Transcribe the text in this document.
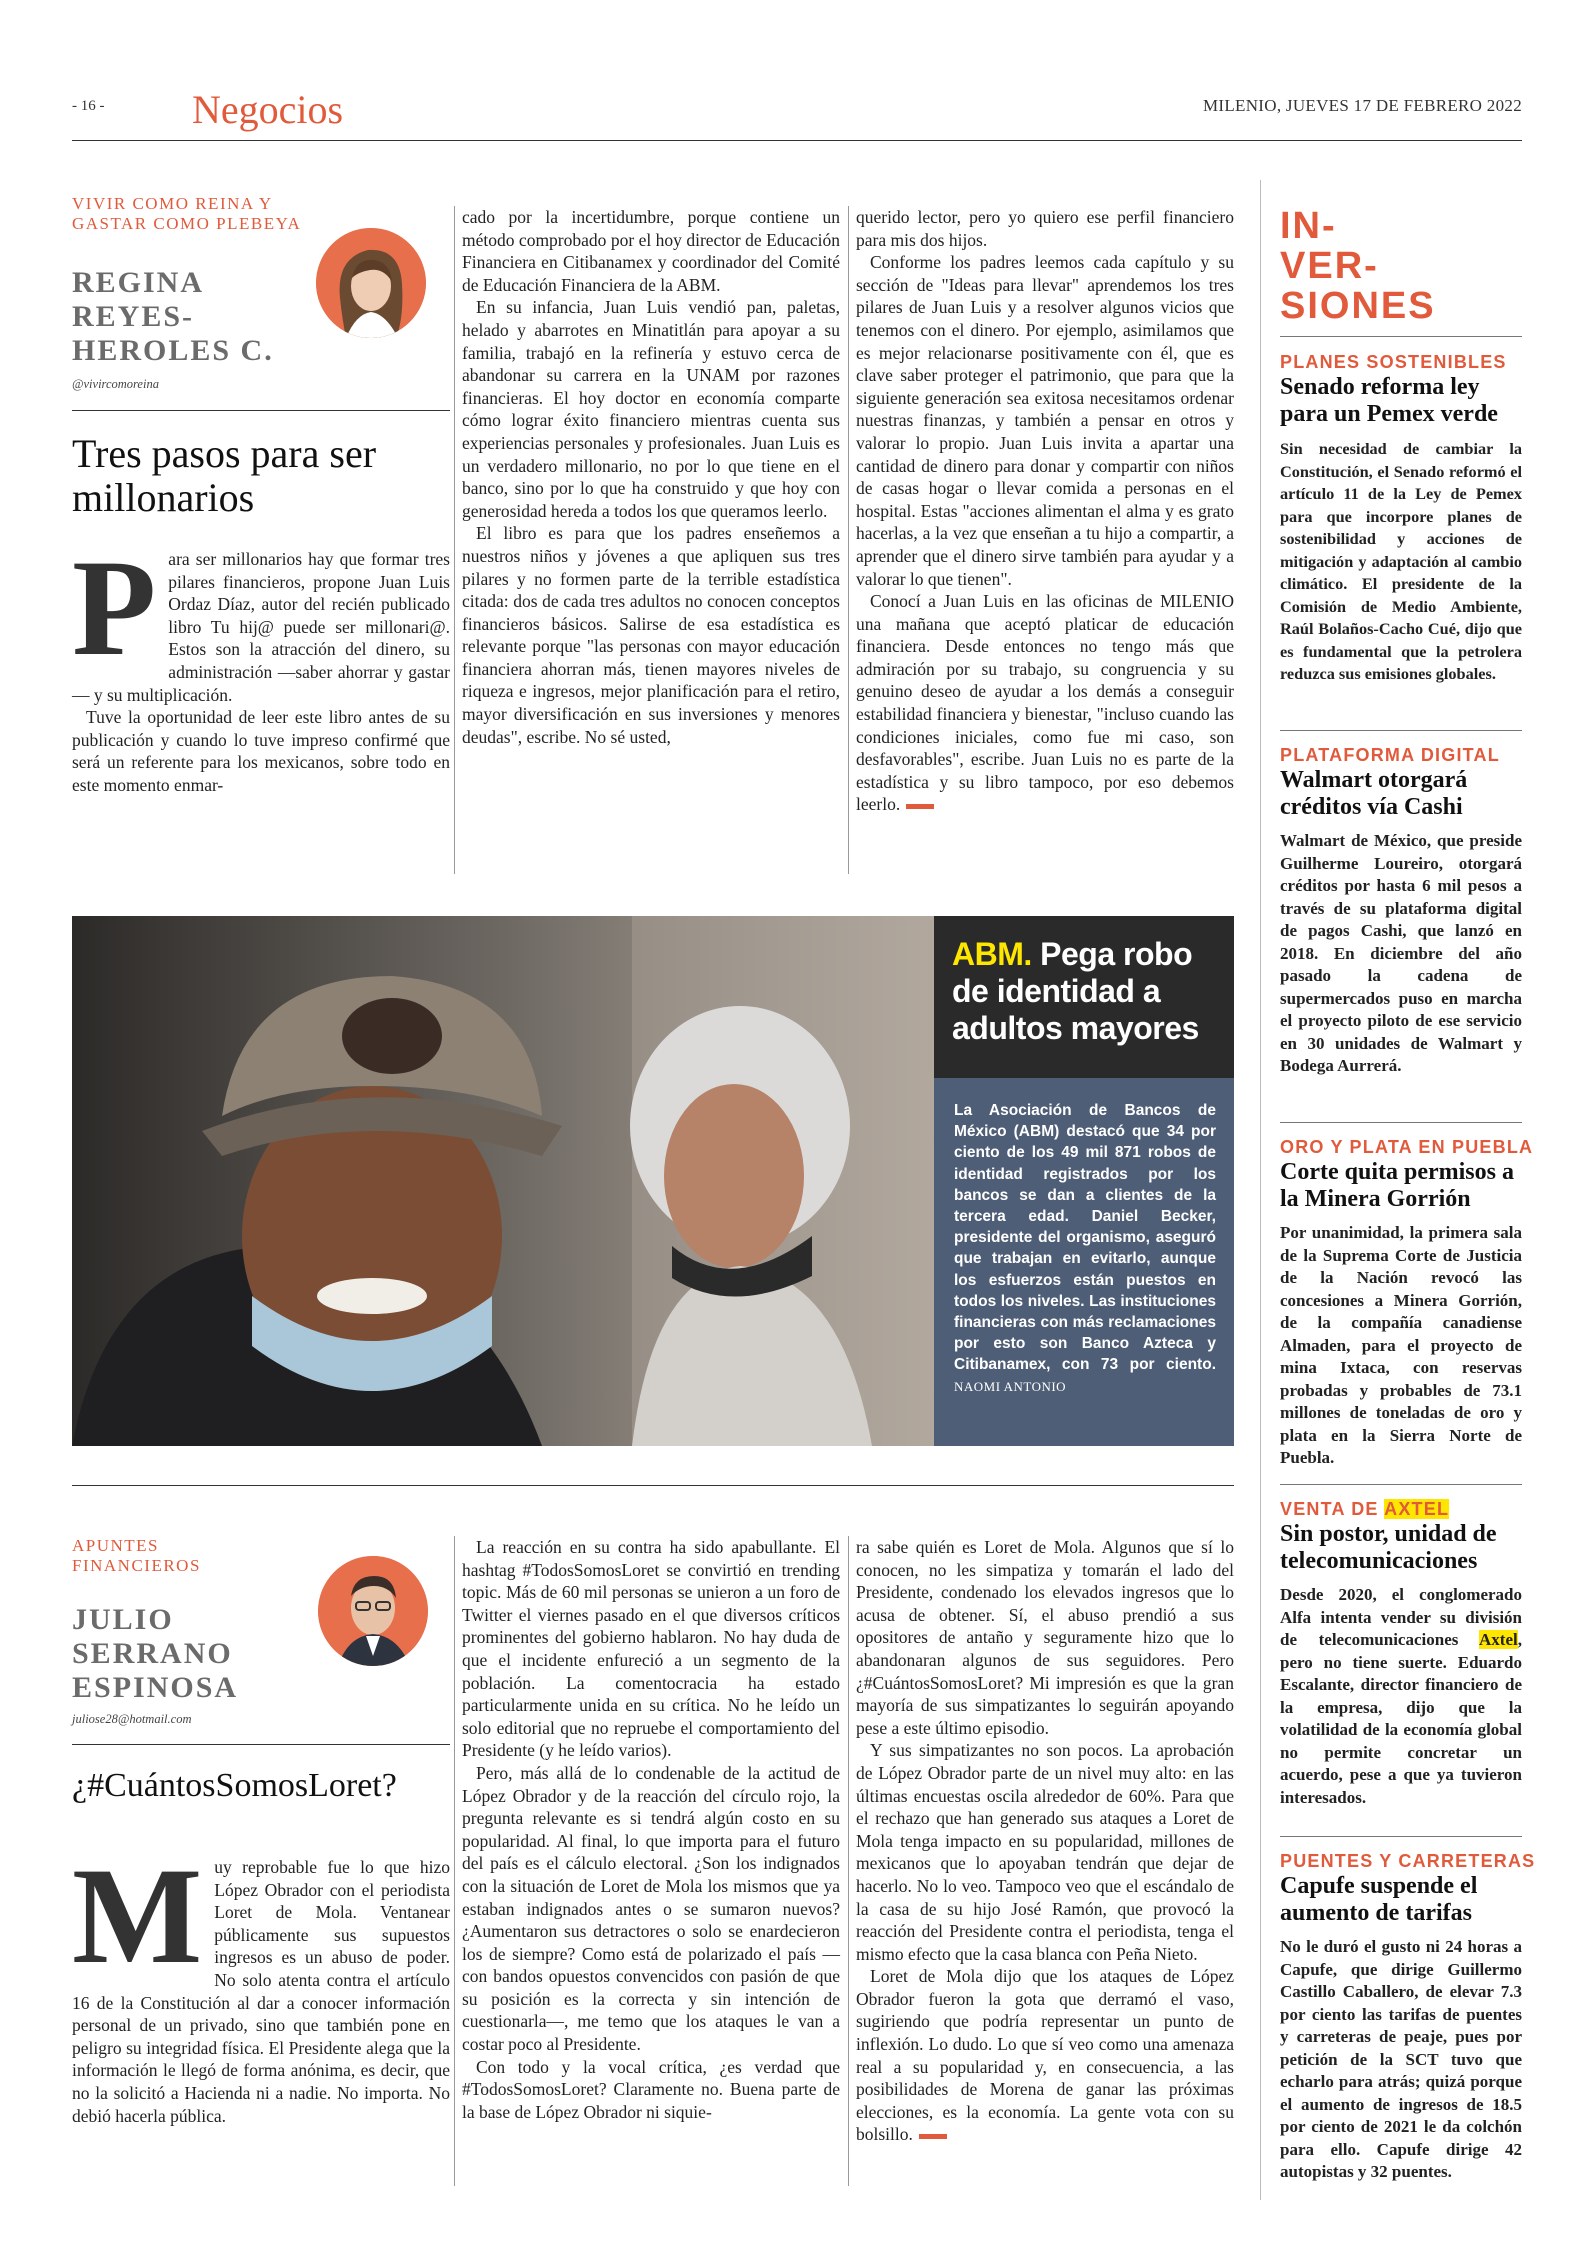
- 16 - Negocios	MILENIO, JUEVES 17 DE FEBRERO 2022
VIVIR COMO REINA Y GASTAR COMO PLEBEYA
REGINA
REYES-
HEROLES C.
@vivircomoreina
Tres pasos para ser millonarios
P ara ser millonarios hay que formar tres pilares financieros, propone Juan Luis Ordaz Díaz, autor del recién publicado libro Tu hij@ puede ser millonari@. Estos son la atracción del dinero, su administración —saber ahorrar y gastar— y su multiplicación.

Tuve la oportunidad de leer este libro antes de su publicación y cuando lo tuve impreso confirmé que será un referente para los mexicanos, sobre todo en este momento enmar-

cado por la incertidumbre, porque contiene un método comprobado por el hoy director de Educación Financiera en Citibanamex y coordinador del Comité de Educación Financiera de la ABM.

En su infancia, Juan Luis vendió pan, paletas, helado y abarrotes en Minatitlán para apoyar a su familia, trabajó en la refinería y estuvo cerca de abandonar su carrera en la UNAM por razones financieras. El hoy doctor en economía comparte cómo lograr éxito financiero mientras cuenta sus experiencias personales y profesionales. Juan Luis es un verdadero millonario, no por lo que tiene en el banco, sino por lo que ha construido y que hoy con generosidad hereda a todos los que queramos leerlo.

El libro es para que los padres enseñemos a nuestros niños y jóvenes a que apliquen sus tres pilares y no formen parte de la terrible estadística citada: dos de cada tres adultos no conocen conceptos financieros básicos. Salirse de esa estadística es relevante porque "las personas con mayor educación financiera ahorran más, tienen mayores niveles de riqueza e ingresos, mejor planificación para el retiro, mayor diversificación en sus inversiones y menores deudas", escribe. No sé usted,

querido lector, pero yo quiero ese perfil financiero para mis dos hijos.

Conforme los padres leemos cada capítulo y su sección de "Ideas para llevar" aprendemos los tres pilares de Juan Luis y a resolver algunos vicios que tenemos con el dinero. Por ejemplo, asimilamos que es mejor relacionarse positivamente con él, que es clave saber proteger el patrimonio, que para que la siguiente generación sea exitosa necesitamos ordenar nuestras finanzas, y también a pensar en otros y valorar lo propio. Juan Luis invita a apartar una cantidad de dinero para donar y compartir con niños de casas hogar o llevar comida a personas en el hospital. Estas "acciones alimentan el alma y es grato hacerlas, a la vez que enseñan a tu hijo a compartir, a aprender que el dinero sirve también para ayudar y a valorar lo que tienen".

Conocí a Juan Luis en las oficinas de MILENIO una mañana que aceptó platicar de educación financiera. Desde entonces no tengo más que admiración por su trabajo, su congruencia y su genuino deseo de ayudar a los demás a conseguir estabilidad financiera y bienestar, "incluso cuando las condiciones iniciales, como fue mi caso, son desfavorables", escribe. Juan Luis no es parte de la estadística y su libro tampoco, por eso debemos leerlo.

ABM. Pega robo de identidad a adultos mayores
La Asociación de Bancos de México (ABM) destacó que 34 por ciento de los 49 mil 871 robos de identidad registrados por los bancos se dan a clientes de la tercera edad. Daniel Becker, presidente del organismo, aseguró que trabajan en evitarlo, aunque los esfuerzos están puestos en todos los niveles. Las instituciones financieras con más reclamaciones por esto son Banco Azteca y Citibanamex, con 73 por ciento. NAOMI ANTONIO
APUNTES FINANCIEROS
JULIO
SERRANO
ESPINOSA
juliose28@hotmail.com
¿#CuántosSomosLoret?
M uy reprobable fue lo que hizo López Obrador con el periodista Loret de Mola. Ventanear públicamente sus supuestos ingresos es un abuso de poder. No solo atenta contra el artículo 16 de la Constitución al dar a conocer información personal de un privado, sino que también pone en peligro su integridad física. El Presidente alega que la información le llegó de forma anónima, es decir, que no la solicitó a Hacienda ni a nadie. No importa. No debió hacerla pública.

La reacción en su contra ha sido apabullante. El hashtag #TodosSomosLoret se convirtió en trending topic. Más de 60 mil personas se unieron a un foro de Twitter el viernes pasado en el que diversos críticos prominentes del gobierno hablaron. No hay duda de que el incidente enfureció a un segmento de la población. La comentocracia ha estado particularmente unida en su crítica. No he leído un solo editorial que no repruebe el comportamiento del Presidente (y he leído varios).

Pero, más allá de lo condenable de la actitud de López Obrador y de la reacción del círculo rojo, la pregunta relevante es si tendrá algún costo en su popularidad. Al final, lo que importa para el futuro del país es el cálculo electoral. ¿Son los indignados con la situación de Loret de Mola los mismos que ya estaban indignados antes o se sumaron nuevos? ¿Aumentaron sus detractores o solo se enardecieron los de siempre? Como está de polarizado el país —con bandos opuestos convencidos con pasión de que su posición es la correcta y sin intención de cuestionarla—, me temo que los ataques le van a costar poco al Presidente.

Con todo y la vocal crítica, ¿es verdad que #TodosSomosLoret? Claramente no. Buena parte de la base de López Obrador ni siquie-

ra sabe quién es Loret de Mola. Algunos que sí lo conocen, no les simpatiza y tomarán el lado del Presidente, condenado los elevados ingresos que lo acusa de obtener. Sí, el abuso prendió a sus opositores de antaño y seguramente hizo que lo abandonaran algunos de sus seguidores. Pero ¿#CuántosSomosLoret? Mi impresión es que la gran mayoría de sus simpatizantes lo seguirán apoyando pese a este último episodio.

Y sus simpatizantes no son pocos. La aprobación de López Obrador parte de un nivel muy alto: en las últimas encuestas oscila alrededor de 60%. Para que el rechazo que han generado sus ataques a Loret de Mola tenga impacto en su popularidad, millones de mexicanos que lo apoyaban tendrán que dejar de hacerlo. No lo veo. Tampoco veo que el escándalo de la casa de su hijo José Ramón, que provocó la reacción del Presidente contra el periodista, tenga el mismo efecto que la casa blanca con Peña Nieto.

Loret de Mola dijo que los ataques de López Obrador fueron la gota que derramó el vaso, sugiriendo que podría representar un punto de inflexión. Lo dudo. Lo que sí veo como una amenaza real a su popularidad y, en consecuencia, a las posibilidades de Morena de ganar las próximas elecciones, es la economía. La gente vota con su bolsillo.

IN-
VER-
SIONES
PLANES SOSTENIBLES
Senado reforma ley para un Pemex verde
Sin necesidad de cambiar la Constitución, el Senado reformó el artículo 11 de la Ley de Pemex para que incorpore planes de sostenibilidad y acciones de mitigación y adaptación al cambio climático. El presidente de la Comisión de Medio Ambiente, Raúl Bolaños-Cacho Cué, dijo que es fundamental que la petrolera reduzca sus emisiones globales.
PLATAFORMA DIGITAL
Walmart otorgará créditos vía Cashi
Walmart de México, que preside Guilherme Loureiro, otorgará créditos por hasta 6 mil pesos a través de su plataforma digital de pagos Cashi, que lanzó en 2018. En diciembre del año pasado la cadena de supermercados puso en marcha el proyecto piloto de ese servicio en 30 unidades de Walmart y Bodega Aurrerá.
ORO Y PLATA EN PUEBLA
Corte quita permisos a la Minera Gorrión
Por unanimidad, la primera sala de la Suprema Corte de Justicia de la Nación revocó las concesiones a Minera Gorrión, de la compañía canadiense Almaden, para el proyecto de mina Ixtaca, con reservas probadas y probables de 73.1 millones de toneladas de oro y plata en la Sierra Norte de Puebla.
VENTA DE AXTEL
Sin postor, unidad de telecomunicaciones
Desde 2020, el conglomerado Alfa intenta vender su división de telecomunicaciones Axtel, pero no tiene suerte. Eduardo Escalante, director financiero de la empresa, dijo que la volatilidad de la economía global no permite concretar un acuerdo, pese a que ya tuvieron interesados.
PUENTES Y CARRETERAS
Capufe suspende el aumento de tarifas
No le duró el gusto ni 24 horas a Capufe, que dirige Guillermo Castillo Caballero, de elevar 7.3 por ciento las tarifas de puentes y carreteras de peaje, pues por petición de la SCT tuvo que echarlo para atrás; quizá porque el aumento de ingresos de 18.5 por ciento de 2021 le da colchón para ello. Capufe dirige 42 autopistas y 32 puentes.
